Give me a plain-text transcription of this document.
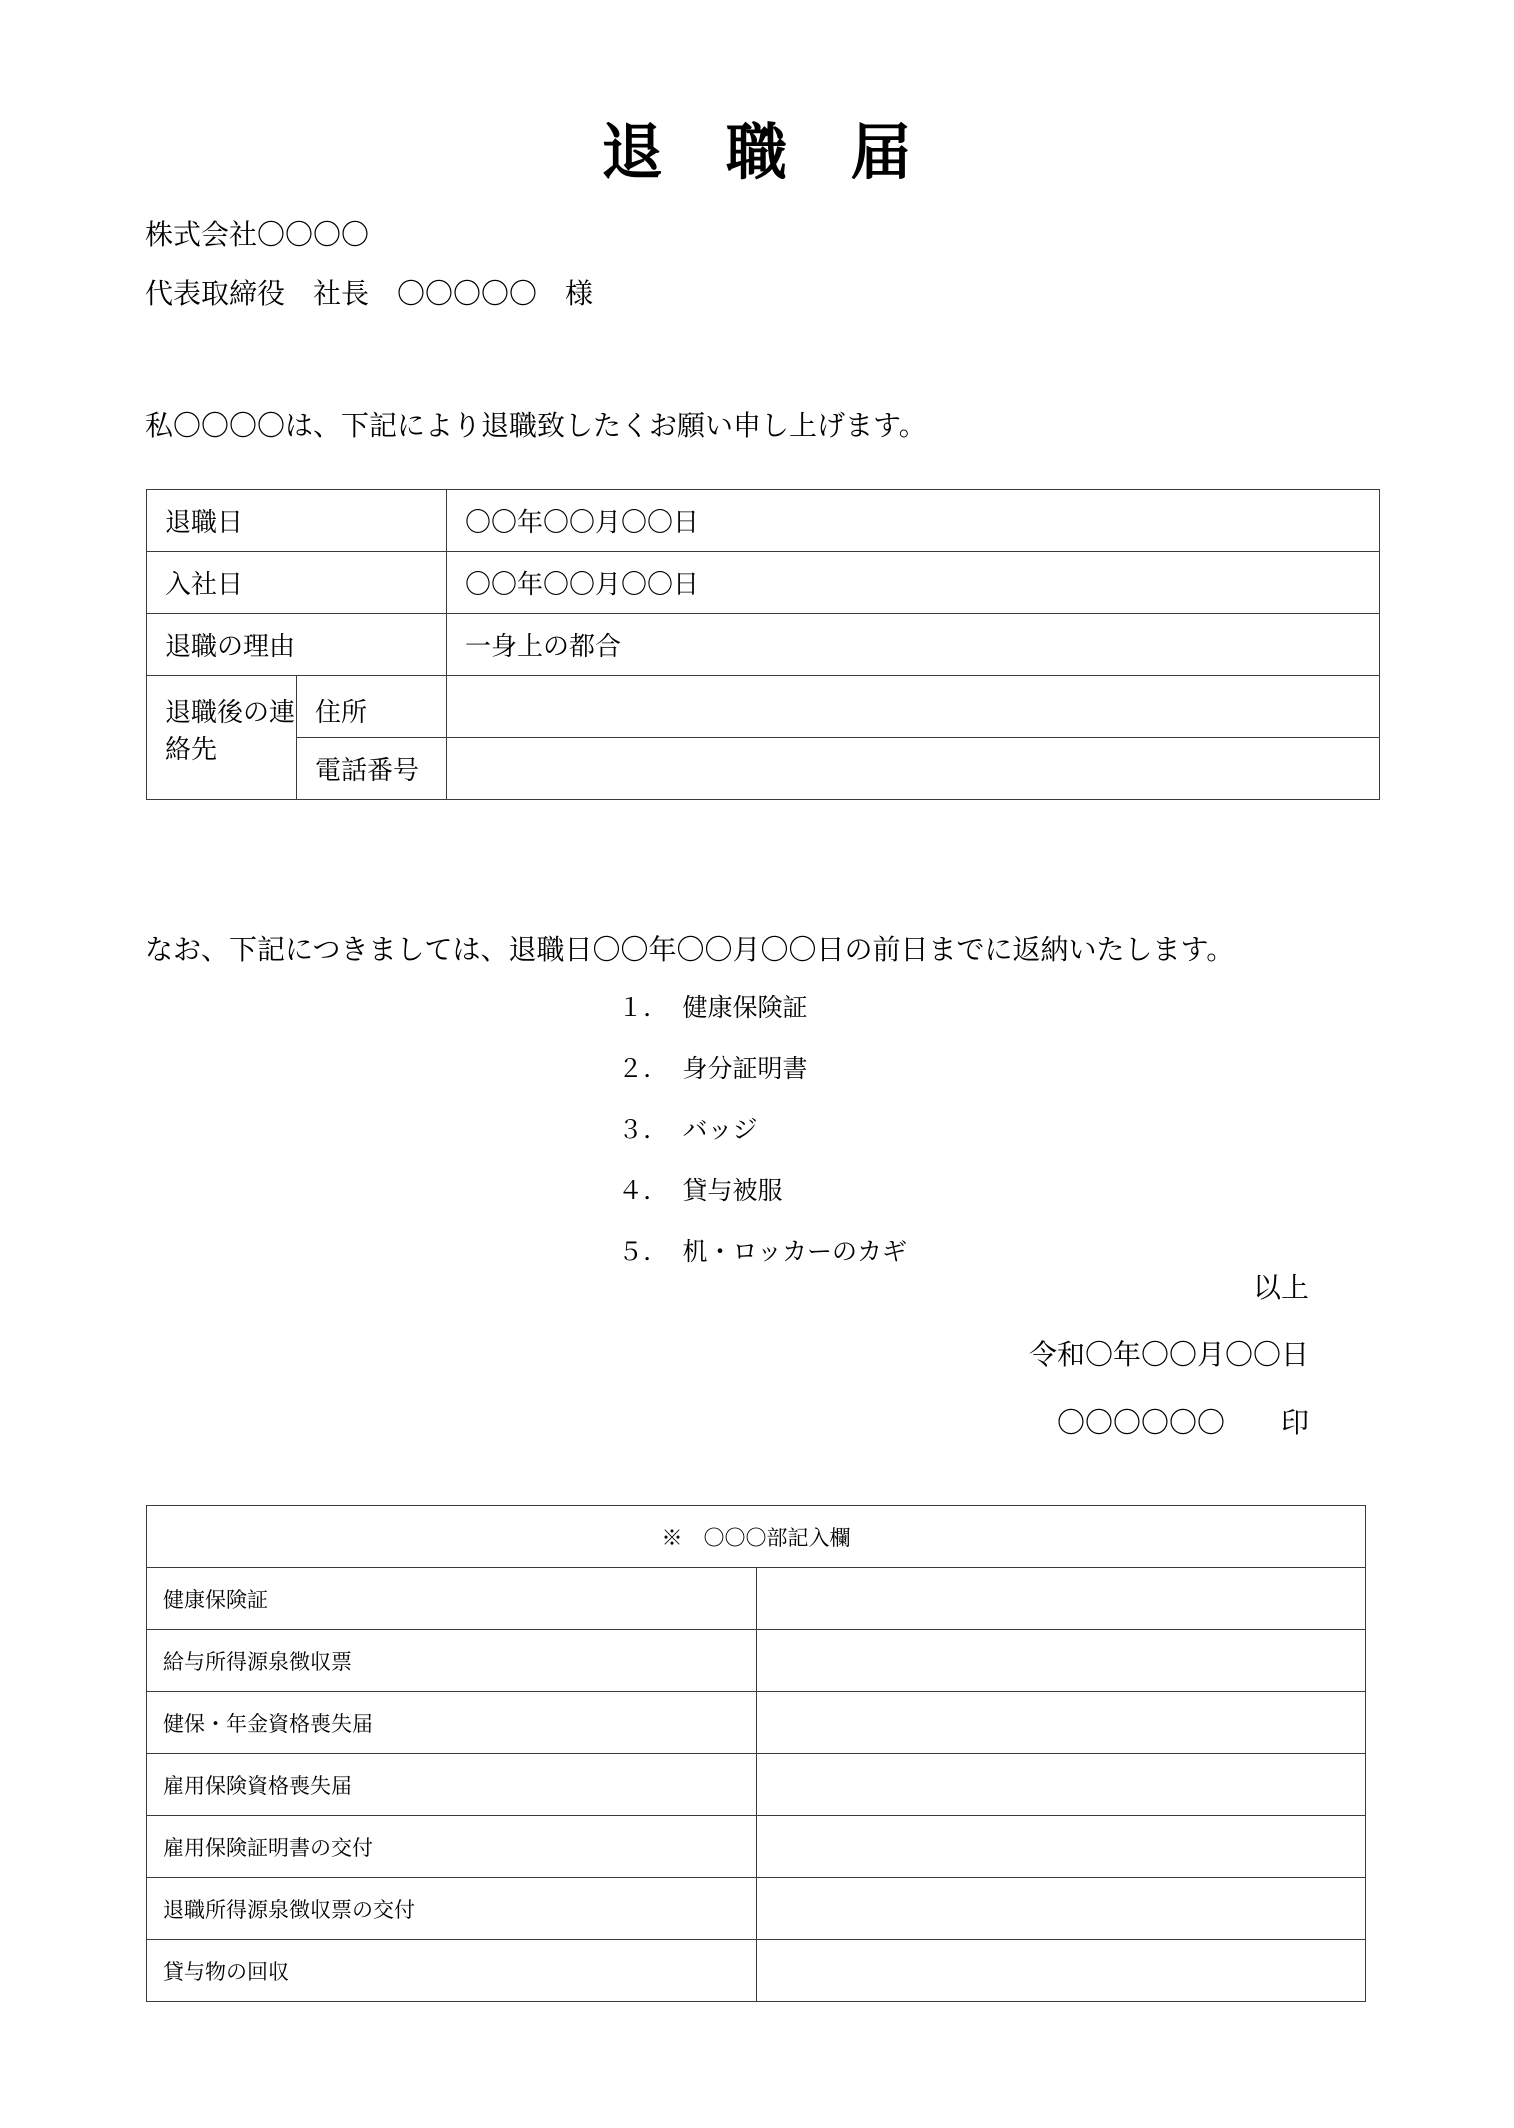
退　職　届
株式会社〇〇〇〇
代表取締役　社長　〇〇〇〇〇　様
私〇〇〇〇は、下記により退職致したくお願い申し上げます。
退職日		〇〇年〇〇月〇〇日
入社日		〇〇年〇〇月〇〇日
退職の理由		一身上の都合
退職後の連絡先	住所	
	電話番号	
なお、下記につきましては、退職日〇〇年〇〇月〇〇日の前日までに返納いたします。
１． 健康保険証
２． 身分証明書
３． バッジ
４． 貸与被服
５． 机・ロッカーのカギ
以上
令和〇年〇〇月〇〇日
〇〇〇〇〇〇　　印
※　〇〇〇部記入欄	
健康保険証	
給与所得源泉徴収票	
健保・年金資格喪失届	
雇用保険資格喪失届	
雇用保険証明書の交付	
退職所得源泉徴収票の交付	
貸与物の回収	
